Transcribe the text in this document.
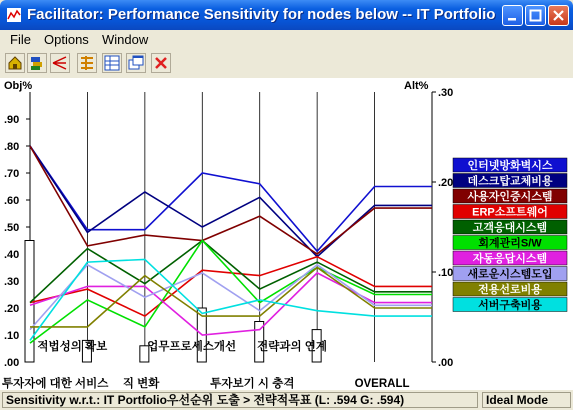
Facilitator: Performance Sensitivity for nodes below -- IT Portfolio
File Options Window
Obj%	Alt%
.00
.10
.20
.30
.40
.50
.60
.70
.80
.90
.00
.10
.20
.30
적법성의 확보	업무프로세스개선 전략과의 연계
투자자에 대한 서비스 직 변화	투자보기 시 충격	OVERALL
인터넷방화벽시스
데스크탑교체비용
사용자인증시스템
ERP소프트웨어
고객응대시스템
회계관리S/W
자동응답시스템
새로운시스템도입
전용선로비용
서버구축비용
Sensitivity w.r.t.: IT Portfolio우선순위 도출 > 전략적목표 (L: .594 G: .594)	Ideal Mode
